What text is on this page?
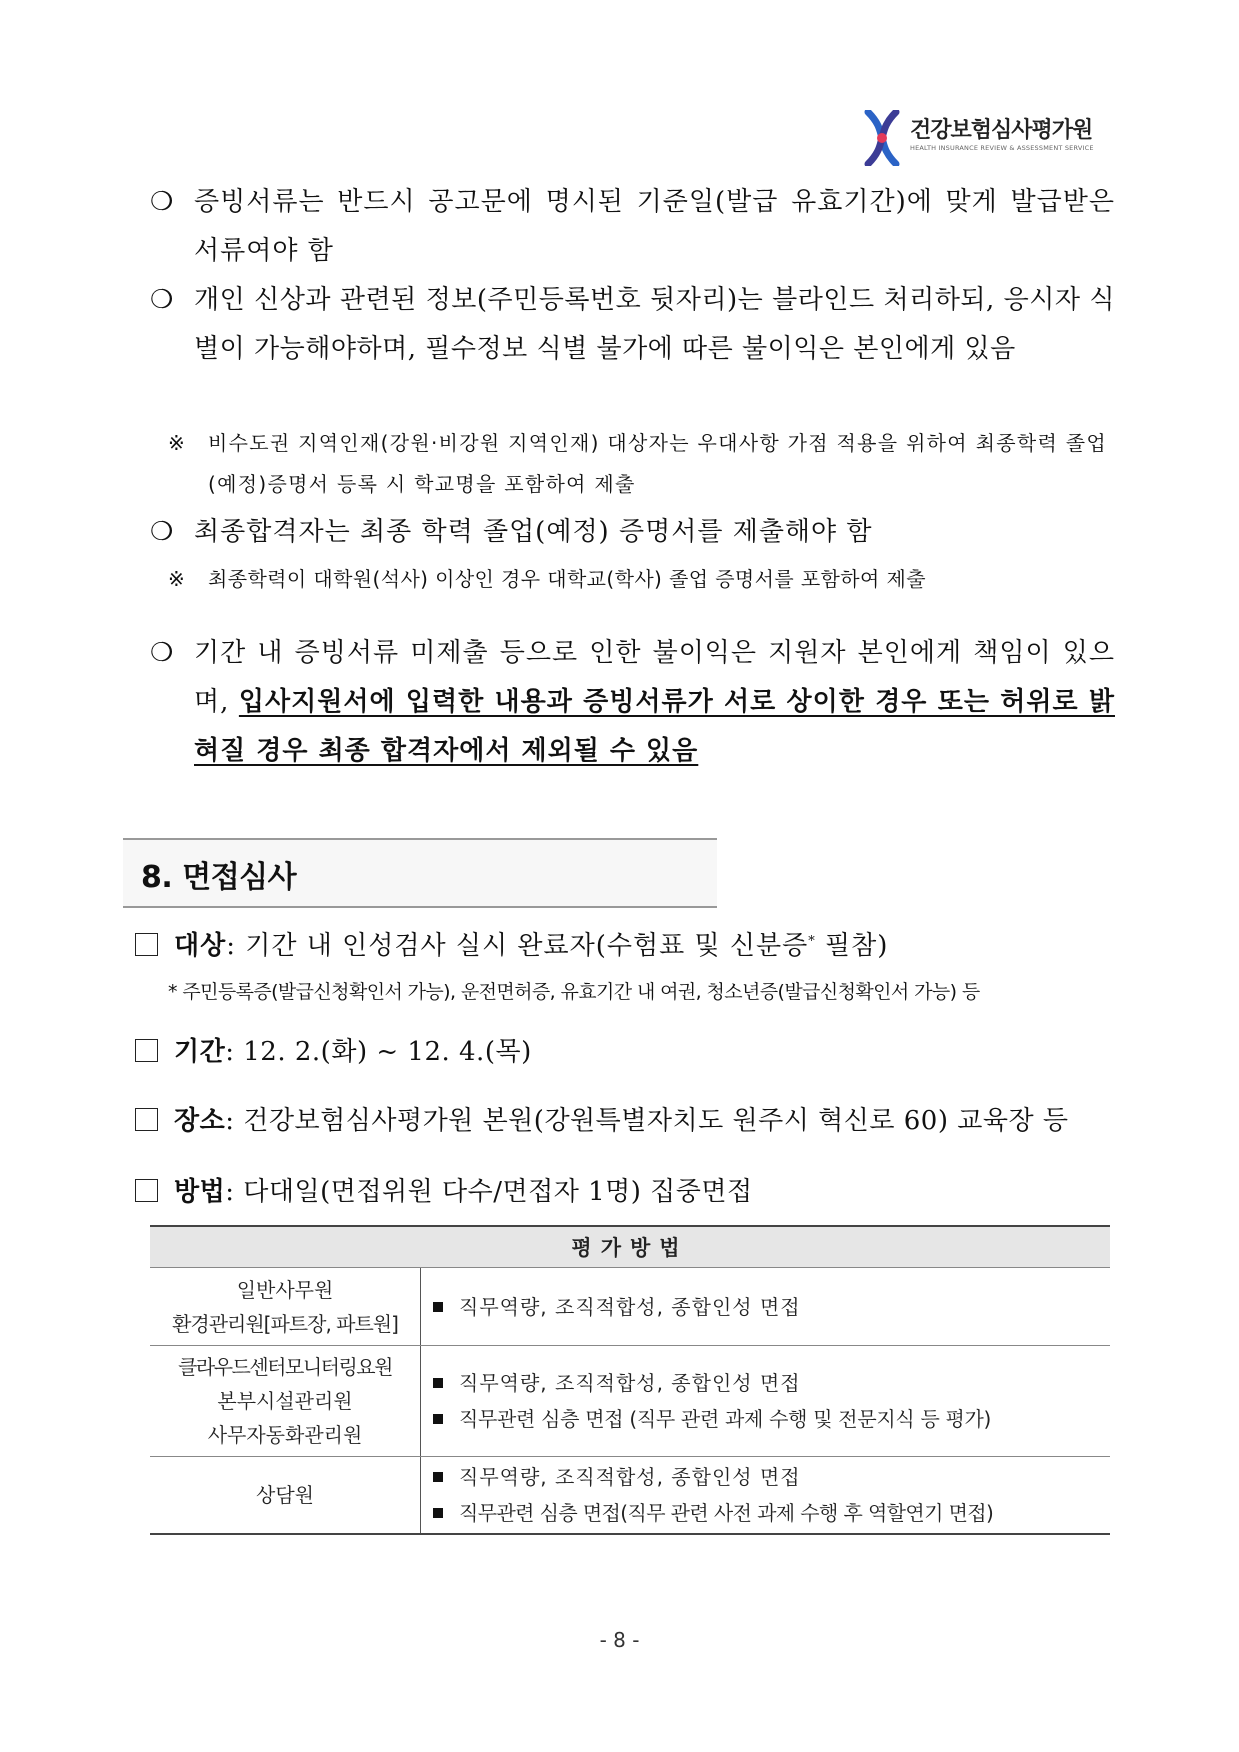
건강보험심사평가원
HEALTH INSURANCE REVIEW & ASSESSMENT SERVICE
❍ 증빙서류는 반드시 공고문에 명시된 기준일(발급 유효기간)에 맞게 발급받은 서류여야 함
❍ 개인 신상과 관련된 정보(주민등록번호 뒷자리)는 블라인드 처리하되, 응시자 식별이 가능해야하며, 필수정보 식별 불가에 따른 불이익은 본인에게 있음
※	비수도권 지역인재(강원·비강원 지역인재) 대상자는 우대사항 가점 적용을 위하여 최종학력 졸업(예정)증명서 등록 시 학교명을 포함하여 제출
❍ 최종합격자는 최종 학력 졸업(예정) 증명서를 제출해야 함
※	최종학력이 대학원(석사) 이상인 경우 대학교(학사) 졸업 증명서를 포함하여 제출
❍ 기간 내 증빙서류 미제출 등으로 인한 불이익은 지원자 본인에게 책임이 있으며, 입사지원서에 입력한 내용과 증빙서류가 서로 상이한 경우 또는 허위로 밝혀질 경우 최종 합격자에서 제외될 수 있음
8. 면접심사
대상: 기간 내 인성검사 실시 완료자(수험표 및 신분증* 필참)
* 주민등록증(발급신청확인서 가능), 운전면허증, 유효기간 내 여권, 청소년증(발급신청확인서 가능) 등
기간: 12. 2.(화) ~ 12. 4.(목)
장소: 건강보험심사평가원 본원(강원특별자치도 원주시 혁신로 60) 교육장 등
방법: 다대일(면접위원 다수/면접자 1명) 집중면접
평가방법	

일반사무원
환경관리원[파트장, 파트원]	직무역량, 조직적합성, 종합인성 면접

클라우드센터모니터링요원
본부시설관리원
사무자동화관리원	직무역량, 조직적합성, 종합인성 면접
직무관련 심층 면접 (직무 관련 과제 수행 및 전문지식 등 평가)

상담원	직무역량, 조직적합성, 종합인성 면접
직무관련 심층 면접(직무 관련 사전 과제 수행 후 역할연기 면접)
- 8 -
